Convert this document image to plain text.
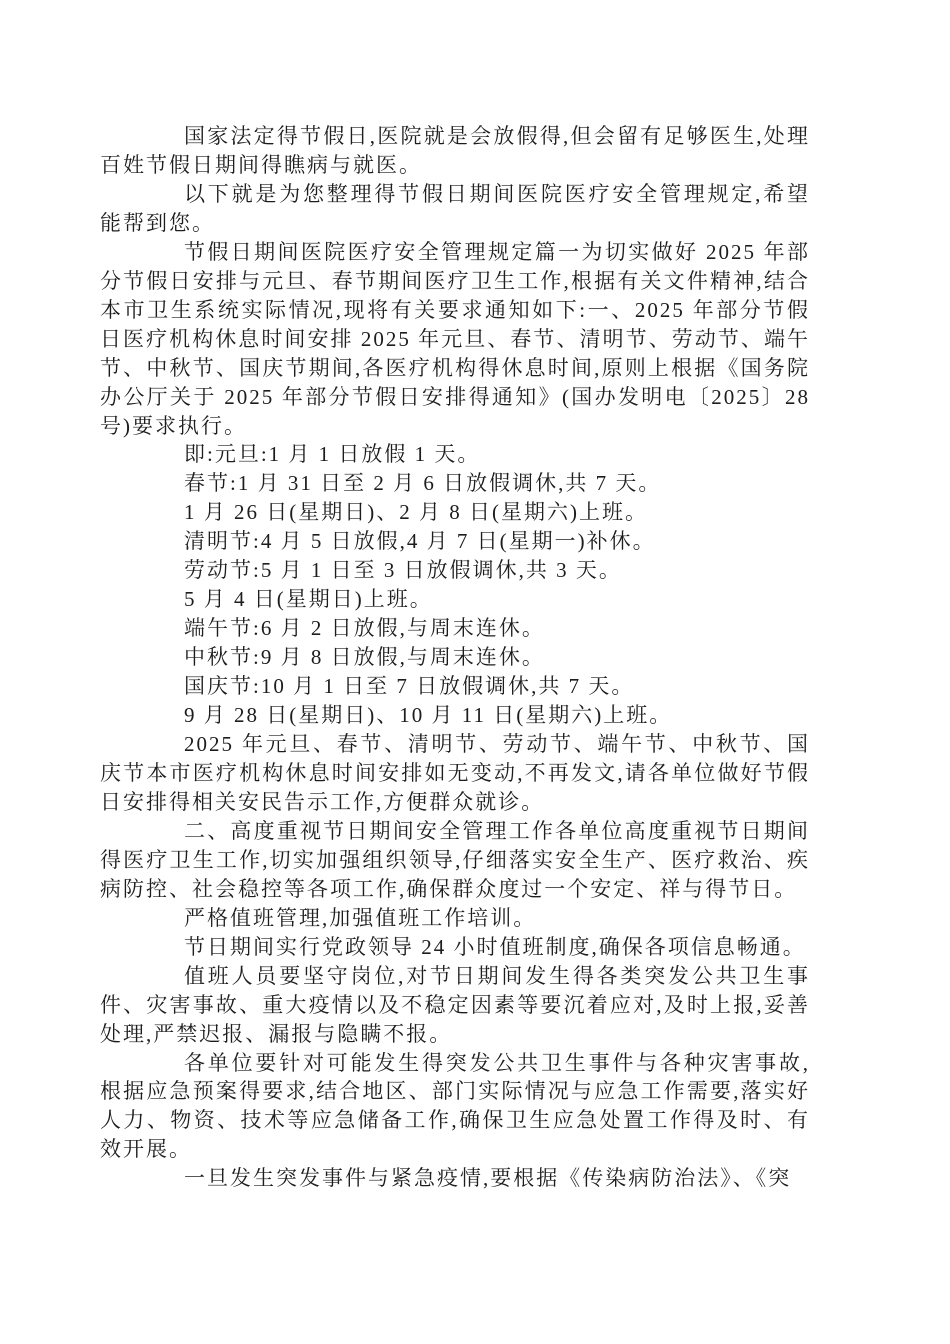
国家法定得节假日,医院就是会放假得,但会留有足够医生,处理百姓节假日期间得瞧病与就医。

以下就是为您整理得节假日期间医院医疗安全管理规定,希望能帮到您。

节假日期间医院医疗安全管理规定篇一为切实做好 2025 年部分节假日安排与元旦、春节期间医疗卫生工作,根据有关文件精神,结合本市卫生系统实际情况,现将有关要求通知如下:一、2025 年部分节假日医疗机构休息时间安排 2025 年元旦、春节、清明节、劳动节、端午节、中秋节、国庆节期间,各医疗机构得休息时间,原则上根据《国务院办公厅关于 2025 年部分节假日安排得通知》(国办发明电〔2025〕28 号)要求执行。

即:元旦:1 月 1 日放假 1 天。

春节:1 月 31 日至 2 月 6 日放假调休,共 7 天。

1 月 26 日(星期日)、2 月 8 日(星期六)上班。

清明节:4 月 5 日放假,4 月 7 日(星期一)补休。

劳动节:5 月 1 日至 3 日放假调休,共 3 天。

5 月 4 日(星期日)上班。

端午节:6 月 2 日放假,与周末连休。

中秋节:9 月 8 日放假,与周末连休。

国庆节:10 月 1 日至 7 日放假调休,共 7 天。

9 月 28 日(星期日)、10 月 11 日(星期六)上班。

2025 年元旦、春节、清明节、劳动节、端午节、中秋节、国庆节本市医疗机构休息时间安排如无变动,不再发文,请各单位做好节假日安排得相关安民告示工作,方便群众就诊。

二、高度重视节日期间安全管理工作各单位高度重视节日期间得医疗卫生工作,切实加强组织领导,仔细落实安全生产、医疗救治、疾病防控、社会稳控等各项工作,确保群众度过一个安定、祥与得节日。

严格值班管理,加强值班工作培训。

节日期间实行党政领导 24 小时值班制度,确保各项信息畅通。

值班人员要坚守岗位,对节日期间发生得各类突发公共卫生事件、灾害事故、重大疫情以及不稳定因素等要沉着应对,及时上报,妥善处理,严禁迟报、漏报与隐瞒不报。

各单位要针对可能发生得突发公共卫生事件与各种灾害事故,根据应急预案得要求,结合地区、部门实际情况与应急工作需要,落实好人力、物资、技术等应急储备工作,确保卫生应急处置工作得及时、有效开展。

一旦发生突发事件与紧急疫情,要根据《传染病防治法》、《突
